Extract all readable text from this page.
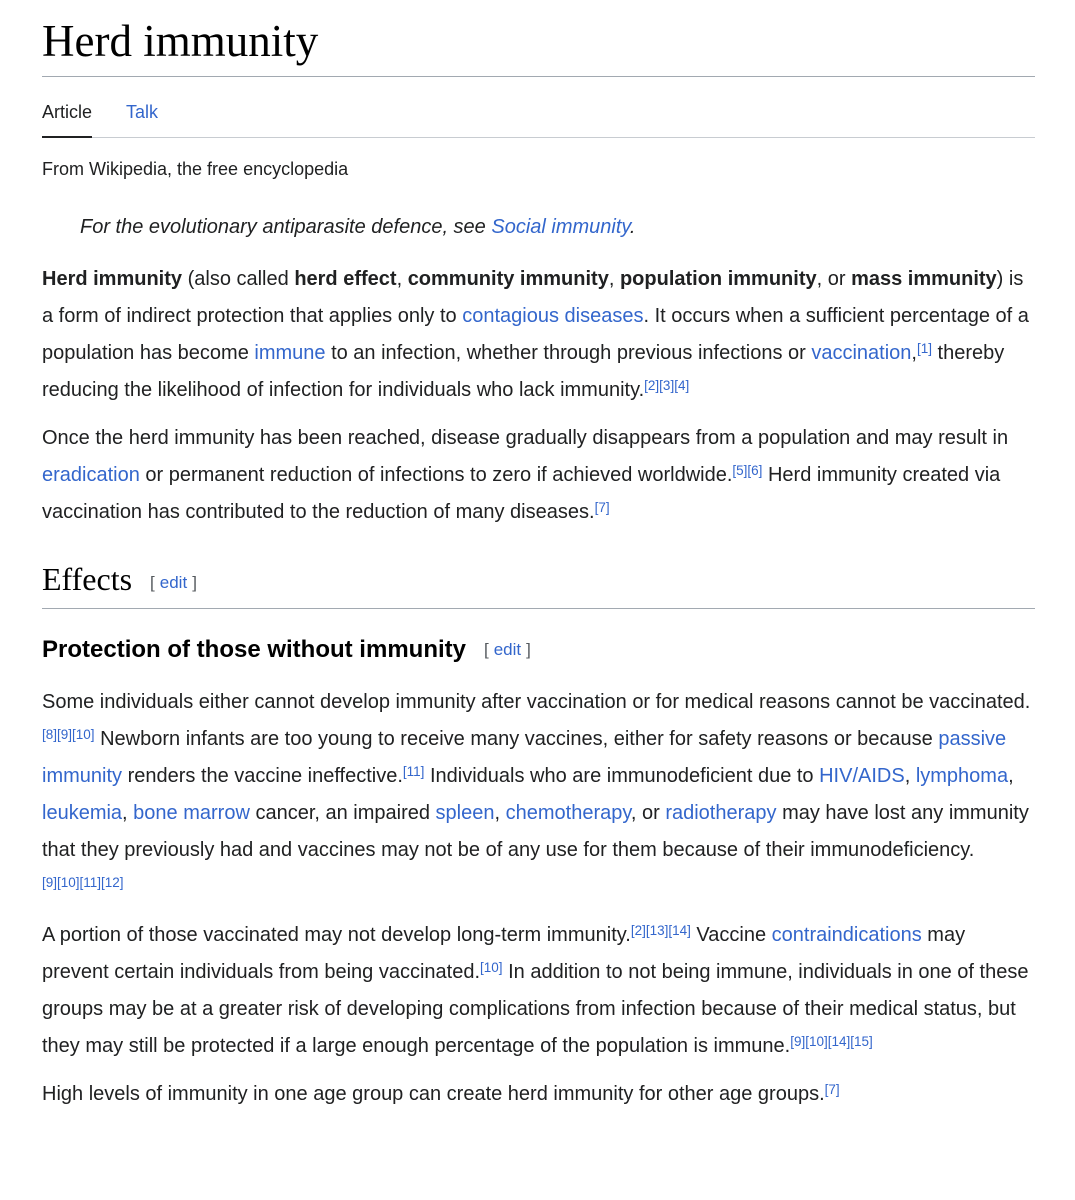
Herd immunity
Article Talk
From Wikipedia, the free encyclopedia
For the evolutionary antiparasite defence, see Social immunity.

Herd immunity (also called herd effect, community immunity, population immunity, or mass immunity) is a form of indirect protection that applies only to contagious diseases. It occurs when a sufficient percentage of a population has become immune to an infection, whether through previous infections or vaccination,[1] thereby reducing the likelihood of infection for individuals who lack immunity.[2][3][4]

Once the herd immunity has been reached, disease gradually disappears from a population and may result in eradication or permanent reduction of infections to zero if achieved worldwide.[5][6] Herd immunity created via vaccination has contributed to the reduction of many diseases.[7]

Effects [ edit ]
Protection of those without immunity [ edit ]

Some individuals either cannot develop immunity after vaccination or for medical reasons cannot be vaccinated.[8][9][10] Newborn infants are too young to receive many vaccines, either for safety reasons or because passive immunity renders the vaccine ineffective.[11] Individuals who are immunodeficient due to HIV/AIDS, lymphoma, leukemia, bone marrow cancer, an impaired spleen, chemotherapy, or radiotherapy may have lost any immunity that they previously had and vaccines may not be of any use for them because of their immunodeficiency.[9][10][11][12]

A portion of those vaccinated may not develop long-term immunity.[2][13][14] Vaccine contraindications may prevent certain individuals from being vaccinated.[10] In addition to not being immune, individuals in one of these groups may be at a greater risk of developing complications from infection because of their medical status, but they may still be protected if a large enough percentage of the population is immune.[9][10][14][15]

High levels of immunity in one age group can create herd immunity for other age groups.[7]
